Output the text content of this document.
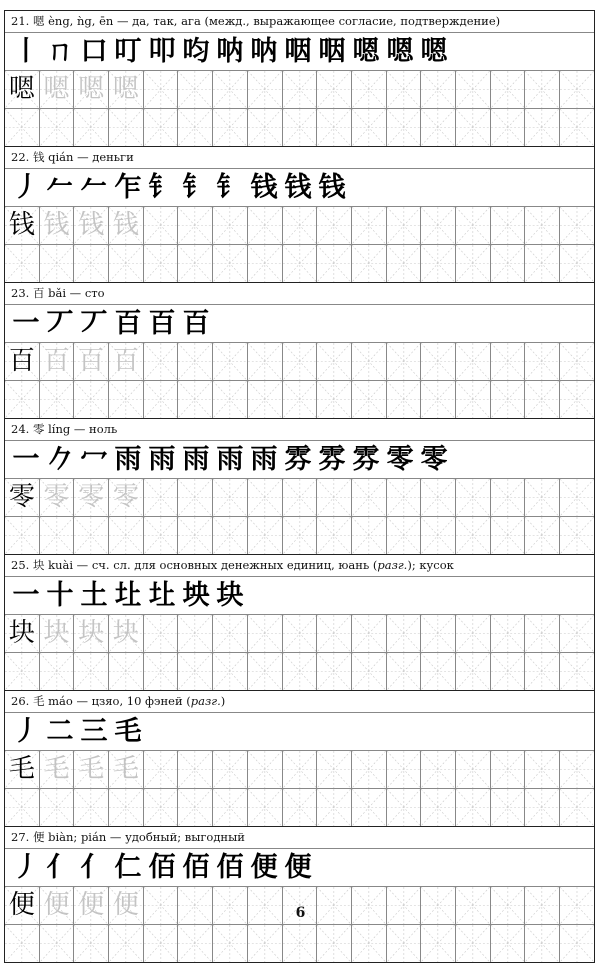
21. 嗯 èng, ǹg, ēn — да, так, ага (межд., выражающее согласие, подтверждение)
丨 ㄇ 口 叮 叩 呁 呐 呐 咽 咽 嗯 嗯 嗯
嗯 嗯 嗯 嗯
22. 钱 qián — деньги
丿 𠂉 𠂉 乍 钅 钅 钅 钱 钱 钱
钱 钱 钱 钱
23. 百 bǎi — сто
一 丆 丆 百 百 百
百 百 百 百
24. 零 líng — ноль
一 𠂊 冖 雨 雨 雨 雨 雨 雰 雰 雰 零 零
零 零 零 零
25. 块 kuài — сч. сл. для основных денежных единиц, юань (разг.); кусок
一 十 土 圵 圵 坱 块
块 块 块 块
26. 毛 máo — цзяо, 10 фэней (разг.)
丿 二 三 毛
毛 毛 毛 毛
27. 便 biàn; pián — удобный; выгодный
丿 亻 亻 仁 佰 佰 佰 便 便
便 便 便 便	6
